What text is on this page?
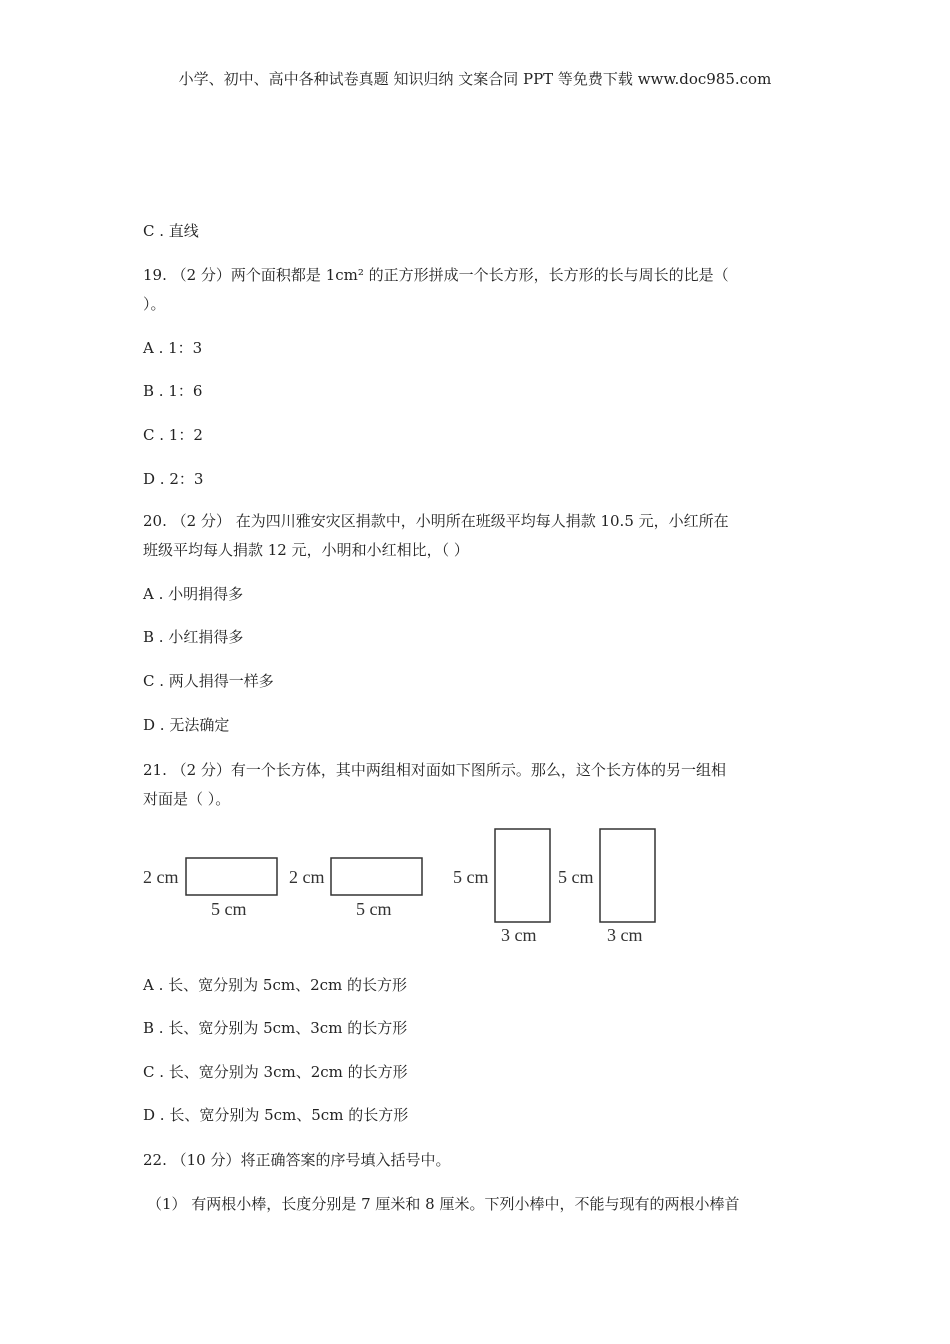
小学、初中、高中各种试卷真题 知识归纳 文案合同 PPT 等免费下载 www.doc985.com
C . 直线
19. （2 分）两个面积都是 1cm² 的正方形拼成一个长方形，长方形的长与周长的比是（
）。
A . 1：3
B . 1：6
C . 1：2
D . 2：3
20. （2 分） 在为四川雅安灾区捐款中，小明所在班级平均每人捐款 10.5 元，小红所在
班级平均每人捐款 12 元，小明和小红相比，（ ）
A . 小明捐得多
B . 小红捐得多
C . 两人捐得一样多
D . 无法确定
21. （2 分）有一个长方体，其中两组相对面如下图所示。那么，这个长方体的另一组相
对面是（ ）。
2 cm
5 cm
2 cm
5 cm
5 cm
3 cm
5 cm
3 cm
A . 长、宽分别为 5cm、2cm 的长方形
B . 长、宽分别为 5cm、3cm 的长方形
C . 长、宽分别为 3cm、2cm 的长方形
D . 长、宽分别为 5cm、5cm 的长方形
22. （10 分）将正确答案的序号填入括号中。
（1） 有两根小棒，长度分别是 7 厘米和 8 厘米。下列小棒中，不能与现有的两根小棒首
